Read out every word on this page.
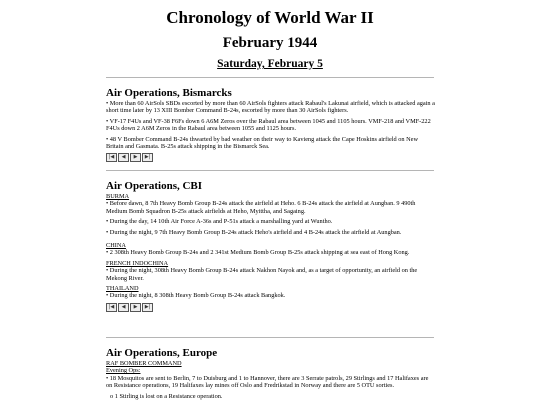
Chronology of World War II
February 1944
Saturday, February 5
Air Operations, Bismarcks

• More than 60 AirSols SBDs escorted by more than 60 AirSols fighters attack Rabaul's Lakunai airfield, which is attacked again a short time later by 13 XIII Bomber Command B-24s, escorted by more than 30 AirSols fighters.

• VF-17 F4Us and VF-38 F6Fs down 6 A6M Zeros over the Rabaul area between 1045 and 1105 hours. VMF-218 and VMF-222 F4Us down 2 A6M Zeros in the Rabaul area between 1055 and 1125 hours.

• 48 V Bomber Command B-24s thwarted by bad weather on their way to Kavieng attack the Cape Hoskins airfield on New Britain and Gasmata. B-25s attack shipping in the Bismarck Sea.

|◀	◀	▶	▶|
Air Operations, CBI
BURMA

• Before dawn, 8 7th Heavy Bomb Group B-24s attack the airfield at Heho. 6 B-24s attack the airfield at Aungban. 9 490th Medium Bomb Squadron B-25s attack airfields at Heho, Myittha, and Sagaing.

• During the day, 14 10th Air Force A-36s and P-51s attack a marshalling yard at Wuntho.

• During the night, 9 7th Heavy Bomb Group B-24s attack Heho's airfield and 4 B-24s attack the airfield at Aungban.

CHINA

• 2 308th Heavy Bomb Group B-24s and 2 341st Medium Bomb Group B-25s attack shipping at sea east of Hong Kong.

FRENCH INDOCHINA

• During the night, 308th Heavy Bomb Group B-24s attack Nakhon Nayok and, as a target of opportunity, an airfield on the Mekong River.

THAILAND

• During the night, 8 308th Heavy Bomb Group B-24s attack Bangkok.

|◀	◀	▶	▶|
Air Operations, Europe
RAF BOMBER COMMAND
Evening Ops:

• 18 Mosquitos are sent to Berlin, 7 to Duisburg and 1 to Hannover, there are 3 Serrate patrols, 29 Stirlings and 17 Halifaxes are on Resistance operations, 19 Halifaxes lay mines off Oslo and Fredrikstad in Norway and there are 5 OTU sorties.

o 1 Stirling is lost on a Resistance operation.
